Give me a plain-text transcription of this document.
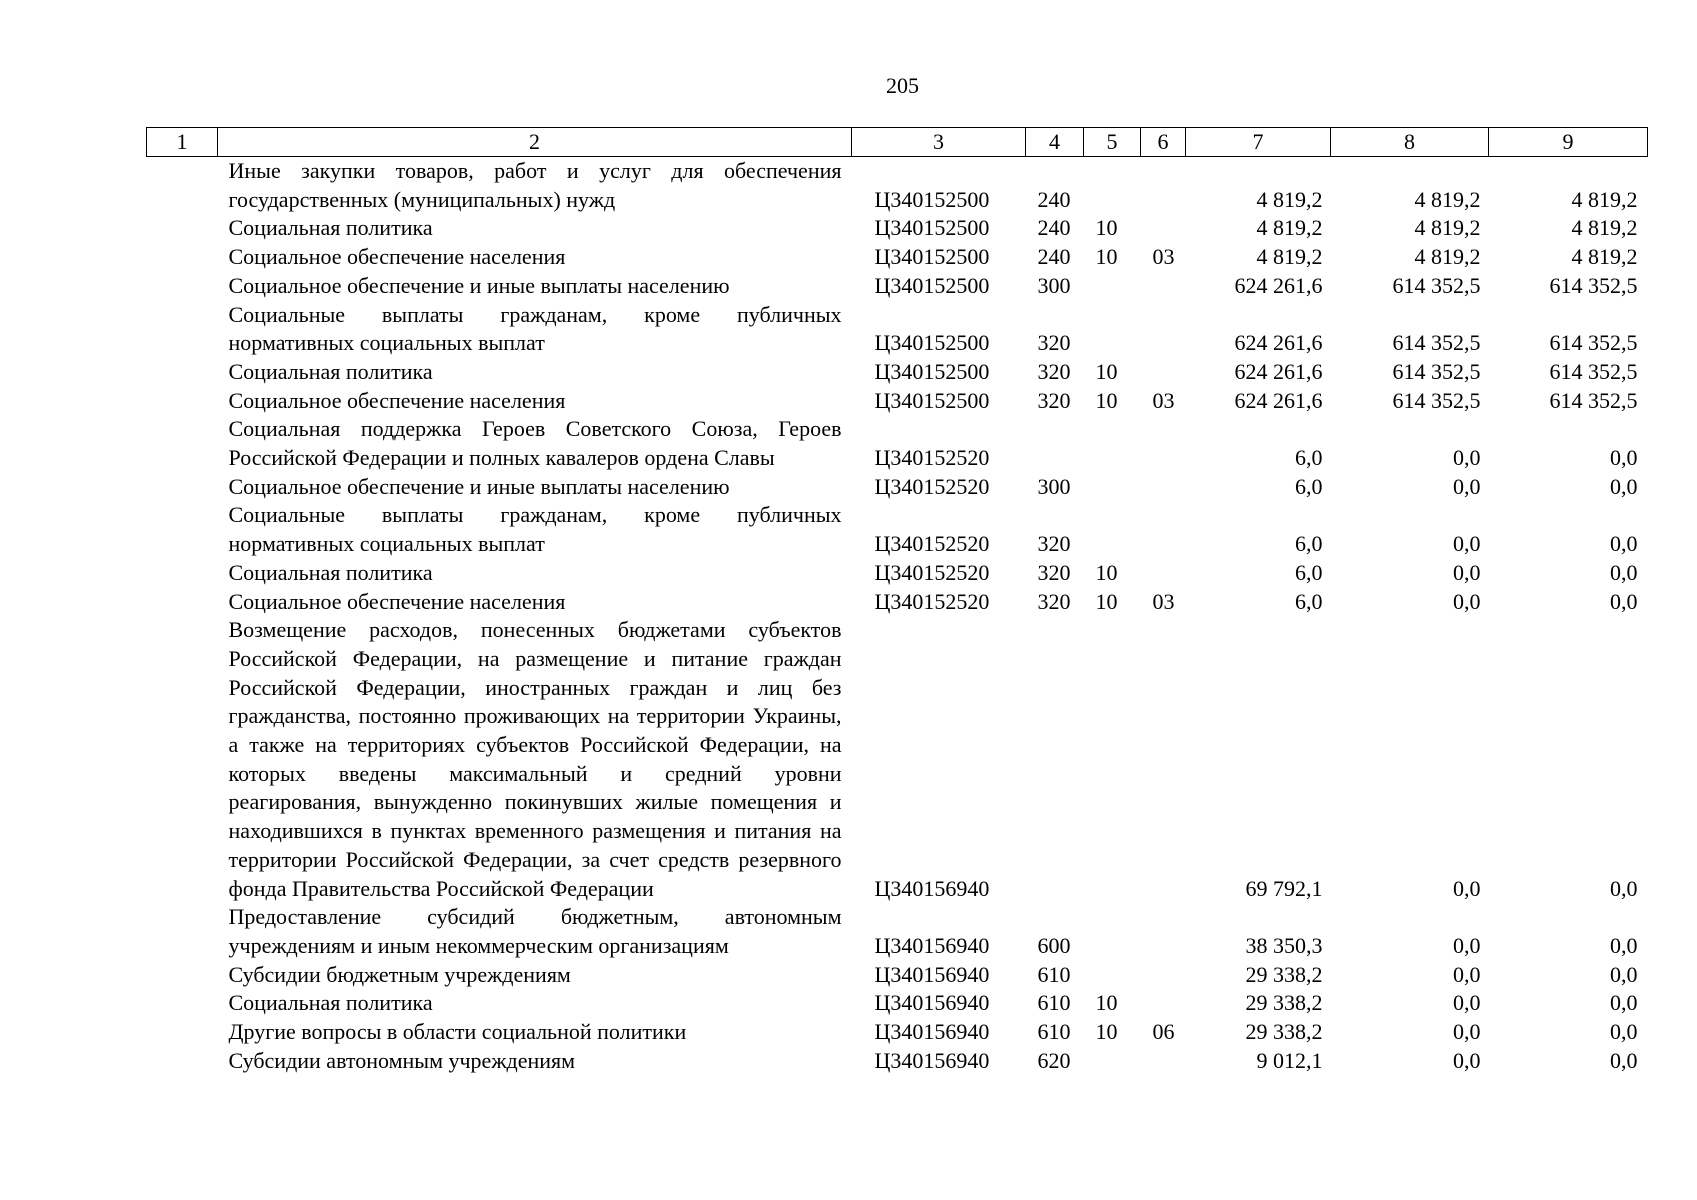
205
1	2	3	4	5	6	7	8	9
	Иные закупки товаров, работ и услуг для обеспечения государственных (муниципальных) нужд	Ц340152500	240			4 819,2	4 819,2	4 819,2
	Социальная политика	Ц340152500	240	10		4 819,2	4 819,2	4 819,2
	Социальное обеспечение населения	Ц340152500	240	10	03	4 819,2	4 819,2	4 819,2
	Социальное обеспечение и иные выплаты населению	Ц340152500	300			624 261,6	614 352,5	614 352,5
	Социальные выплаты гражданам, кроме публичных нормативных социальных выплат	Ц340152500	320			624 261,6	614 352,5	614 352,5
	Социальная политика	Ц340152500	320	10		624 261,6	614 352,5	614 352,5
	Социальное обеспечение населения	Ц340152500	320	10	03	624 261,6	614 352,5	614 352,5
	Социальная поддержка Героев Советского Союза, Героев Российской Федерации и полных кавалеров ордена Славы	Ц340152520				6,0	0,0	0,0
	Социальное обеспечение и иные выплаты населению	Ц340152520	300			6,0	0,0	0,0
	Социальные выплаты гражданам, кроме публичных нормативных социальных выплат	Ц340152520	320			6,0	0,0	0,0
	Социальная политика	Ц340152520	320	10		6,0	0,0	0,0
	Социальное обеспечение населения	Ц340152520	320	10	03	6,0	0,0	0,0
	Возмещение расходов, понесенных бюджетами субъектов Российской Федерации, на размещение и питание граждан Российской Федерации, иностранных граждан и лиц без гражданства, постоянно проживающих на территории Украины, а также на территориях субъектов Российской Федерации, на которых введены максимальный и средний уровни реагирования, вынужденно покинувших жилые помещения и находившихся в пунктах временного размещения и питания на территории Российской Федерации, за счет средств резервного фонда Правительства Российской Федерации	Ц340156940				69 792,1	0,0	0,0
	Предоставление субсидий бюджетным, автономным учреждениям и иным некоммерческим организациям	Ц340156940	600			38 350,3	0,0	0,0
	Субсидии бюджетным учреждениям	Ц340156940	610			29 338,2	0,0	0,0
	Социальная политика	Ц340156940	610	10		29 338,2	0,0	0,0
	Другие вопросы в области социальной политики	Ц340156940	610	10	06	29 338,2	0,0	0,0
	Субсидии автономным учреждениям	Ц340156940	620			9 012,1	0,0	0,0
